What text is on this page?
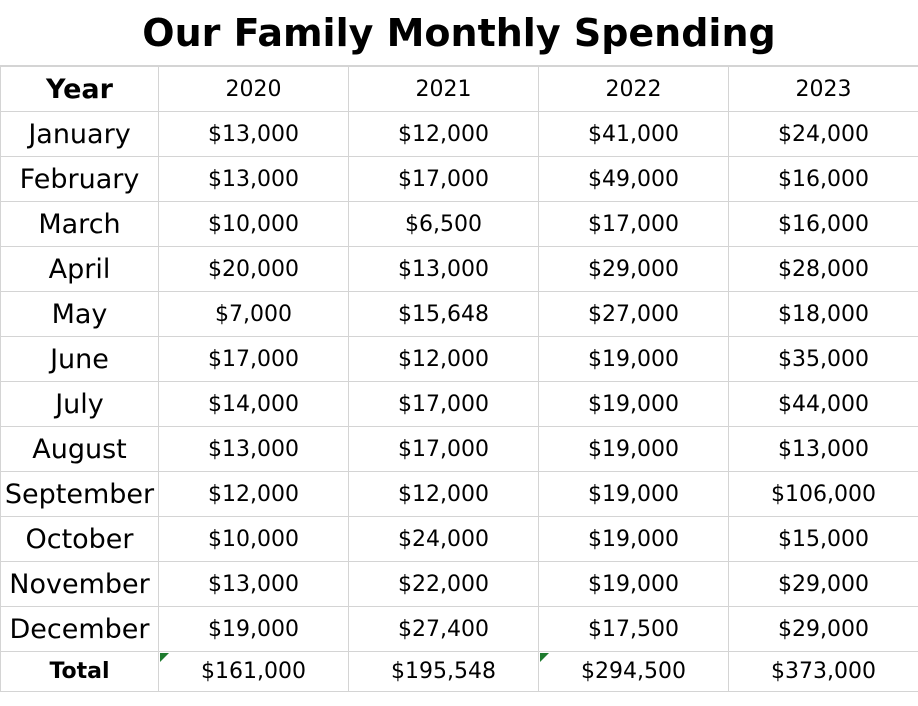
Our Family Monthly Spending
Year	2020	2021	2022	2023
January	$13,000	$12,000	$41,000	$24,000
February	$13,000	$17,000	$49,000	$16,000
March	$10,000	$6,500	$17,000	$16,000
April	$20,000	$13,000	$29,000	$28,000
May	$7,000	$15,648	$27,000	$18,000
June	$17,000	$12,000	$19,000	$35,000
July	$14,000	$17,000	$19,000	$44,000
August	$13,000	$17,000	$19,000	$13,000
September	$12,000	$12,000	$19,000	$106,000
October	$10,000	$24,000	$19,000	$15,000
November	$13,000	$22,000	$19,000	$29,000
December	$19,000	$27,400	$17,500	$29,000
Total	$161,000	$195,548	$294,500	$373,000
